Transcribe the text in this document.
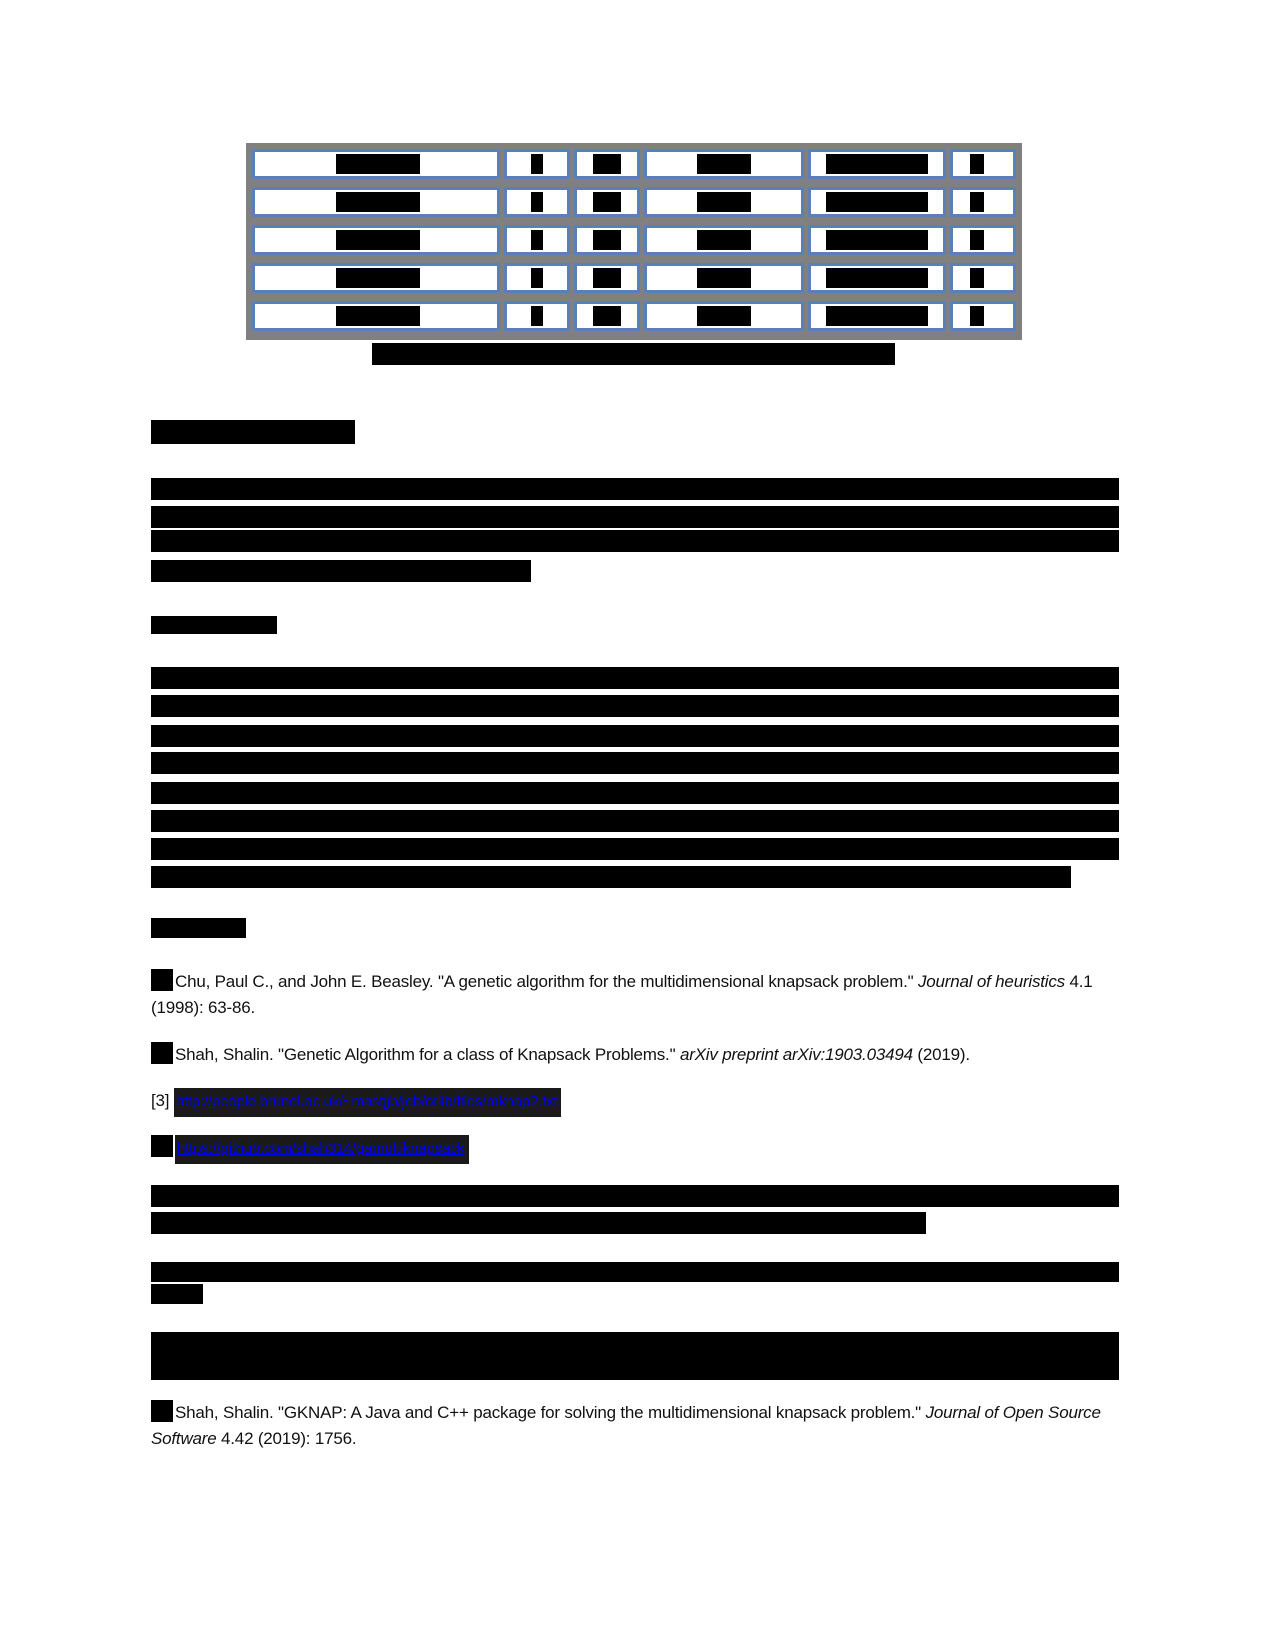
Chu, Paul C., and John E. Beasley. "A genetic algorithm for the multidimensional knapsack problem." Journal of heuristics 4.1
(1998): 63-86.
Shah, Shalin. "Genetic Algorithm for a class of Knapsack Problems." arXiv preprint arXiv:1903.03494 (2019).
[3] http://people.brunel.ac.uk/~mastjjb/jeb/orlib/files/mknap2.txt
https://github.com/shah314/gamultiknapsack
Shah, Shalin. "GKNAP: A Java and C++ package for solving the multidimensional knapsack problem." Journal of Open Source
Software 4.42 (2019): 1756.
